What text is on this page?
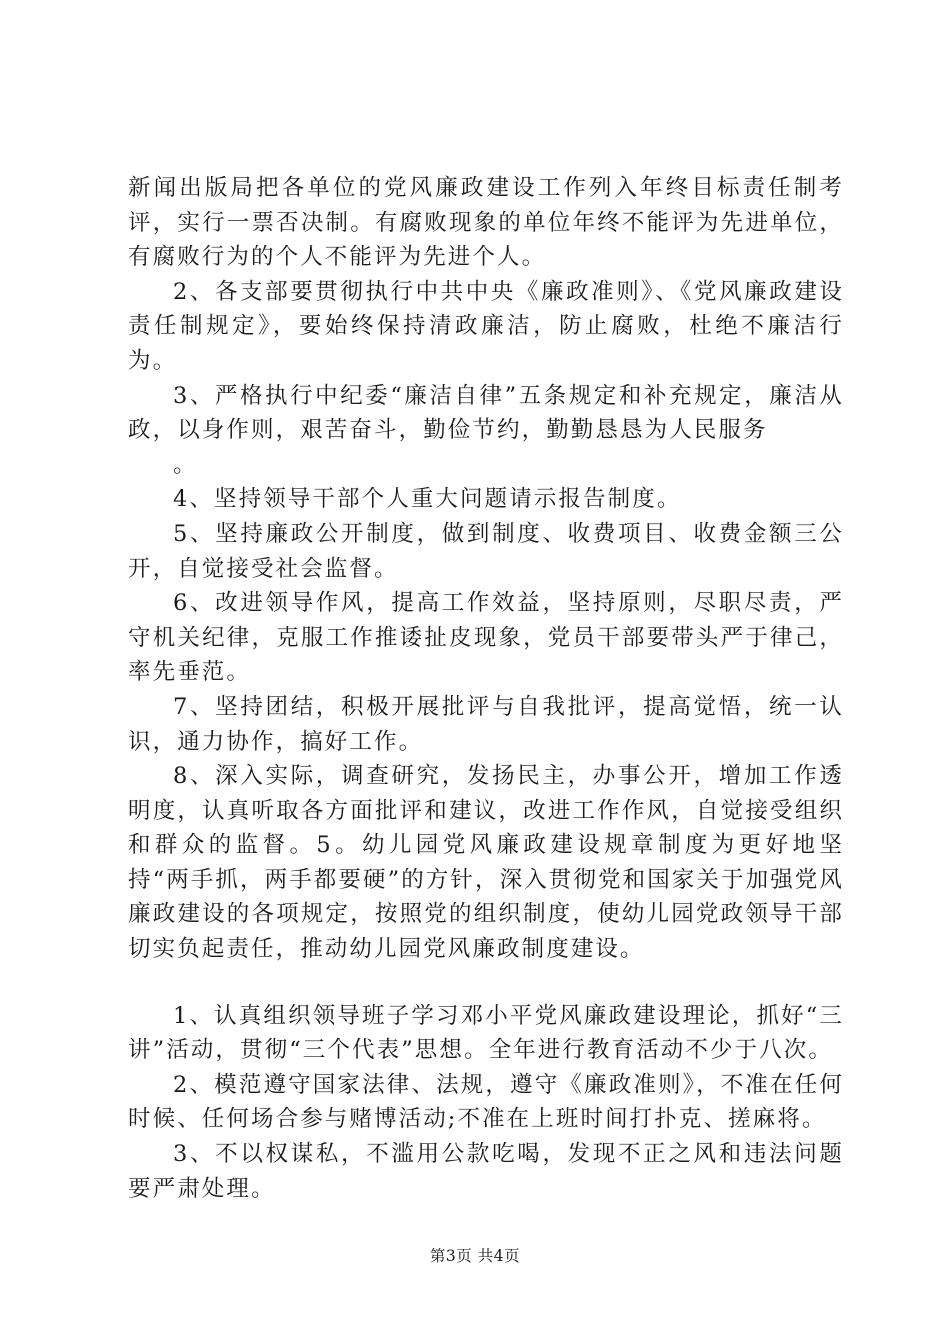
新闻出版局把各单位的党风廉政建设工作列入年终目标责任制考评，实行一票否决制。有腐败现象的单位年终不能评为先进单位，有腐败行为的个人不能评为先进个人。

2、各支部要贯彻执行中共中央《廉政准则》、《党风廉政建设责任制规定》，要始终保持清政廉洁，防止腐败，杜绝不廉洁行为。

3、严格执行中纪委“廉洁自律”五条规定和补充规定，廉洁从政，以身作则，艰苦奋斗，勤俭节约，勤勤恳恳为人民服务

。

4、坚持领导干部个人重大问题请示报告制度。

5、坚持廉政公开制度，做到制度、收费项目、收费金额三公开，自觉接受社会监督。

6、改进领导作风，提高工作效益，坚持原则，尽职尽责，严守机关纪律，克服工作推诿扯皮现象，党员干部要带头严于律己，率先垂范。

7、坚持团结，积极开展批评与自我批评，提高觉悟，统一认识，通力协作，搞好工作。

8、深入实际，调查研究，发扬民主，办事公开，增加工作透明度，认真听取各方面批评和建议，改进工作作风，自觉接受组织和群众的监督。5。幼儿园党风廉政建设规章制度为更好地坚持“两手抓，两手都要硬”的方针，深入贯彻党和国家关于加强党风廉政建设的各项规定，按照党的组织制度，使幼儿园党政领导干部切实负起责任，推动幼儿园党风廉政制度建设。

1、认真组织领导班子学习邓小平党风廉政建设理论，抓好“三讲”活动，贯彻“三个代表”思想。全年进行教育活动不少于八次。

2、模范遵守国家法律、法规，遵守《廉政准则》，不准在任何时候、任何场合参与赌博活动;不准在上班时间打扑克、搓麻将。

3、不以权谋私，不滥用公款吃喝，发现不正之风和违法问题要严肃处理。

第3页 共4页
